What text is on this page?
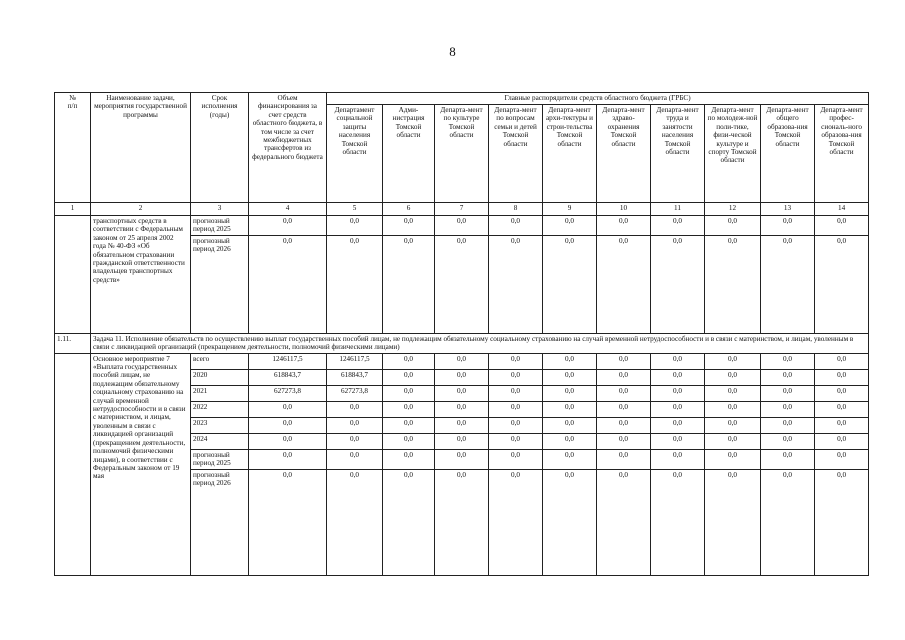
8
№
п/п	Наименование задачи, мероприятия государственной программы	Срок исполнения (годы)	Объем финансирования за счет средств областного бюджета, в том числе за счет межбюджетных трансфертов из федерального бюджета	Главные распорядители средств областного бюджета (ГРБС)									
				Департамент социальной защиты населения Томской области	Адми-нистрация Томской области	Департа-мент по культуре Томской области	Департа-мент по вопросам семьи и детей Томской области	Департа-мент архи-тектуры и строи-тельства Томской области	Департа-мент здраво-охранения Томской области	Департа-мент труда и занятости населения Томской области	Департа-мент по молодеж-ной поли-тике, физи-ческой культуре и спорту Томской области	Департа-мент общего образова-ния Томской области	Департа-мент профес-сиональ-ного образова-ния Томской области
1	2	3	4	5	6	7	8	9	10	11	12	13	14
	транспортных средств в соответствии с Федеральным законом от 25 апреля 2002 года № 40-ФЗ «Об обязательном страховании гражданской ответственности владельцев транспортных средств»	прогнозный период 2025	0,0	0,0	0,0	0,0	0,0	0,0	0,0	0,0	0,0	0,0	0,0
		прогнозный период 2026	0,0	0,0	0,0	0,0	0,0	0,0	0,0	0,0	0,0	0,0	0,0
1.11.	Задача 11. Исполнение обязательств по осуществлению выплат государственных пособий лицам, не подлежащим обязательному социальному страхованию на случай временной нетрудоспособности и в связи с материнством, и лицам, уволенным в связи с ликвидацией организаций (прекращением деятельности, полномочий физическими лицами)												
	Основное мероприятие 7 «Выплата государственных пособий лицам, не подлежащим обязательному социальному страхованию на случай временной нетрудоспособности и в связи с материнством, и лицам, уволенным в связи с ликвидацией организаций (прекращением деятельности, полномочий физическими лицами), в соответствии с Федеральным законом от 19 мая	всего	1246117,5	1246117,5	0,0	0,0	0,0	0,0	0,0	0,0	0,0	0,0	0,0
		2020	618843,7	618843,7	0,0	0,0	0,0	0,0	0,0	0,0	0,0	0,0	0,0
		2021	627273,8	627273,8	0,0	0,0	0,0	0,0	0,0	0,0	0,0	0,0	0,0
		2022	0,0	0,0	0,0	0,0	0,0	0,0	0,0	0,0	0,0	0,0	0,0
		2023	0,0	0,0	0,0	0,0	0,0	0,0	0,0	0,0	0,0	0,0	0,0
		2024	0,0	0,0	0,0	0,0	0,0	0,0	0,0	0,0	0,0	0,0	0,0
		прогнозный период 2025	0,0	0,0	0,0	0,0	0,0	0,0	0,0	0,0	0,0	0,0	0,0
		прогнозный период 2026	0,0	0,0	0,0	0,0	0,0	0,0	0,0	0,0	0,0	0,0	0,0
